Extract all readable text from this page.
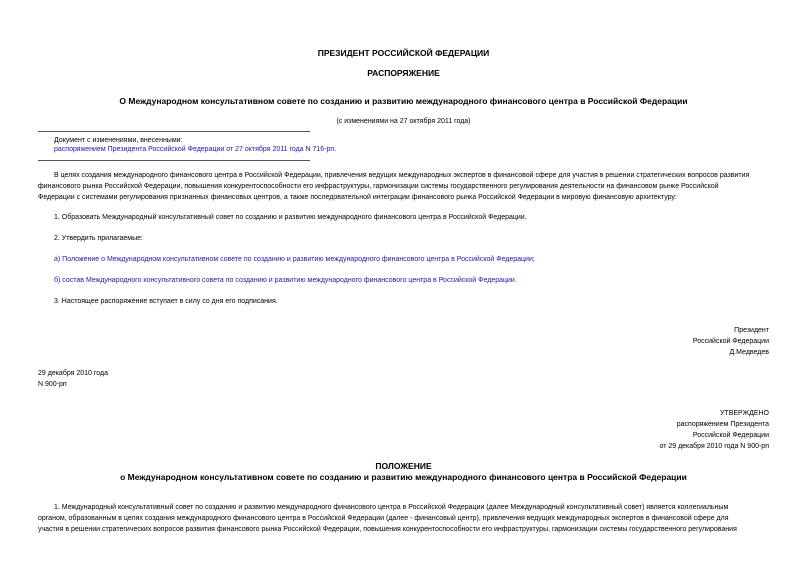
ПРЕЗИДЕНТ РОССИЙСКОЙ ФЕДЕРАЦИИ
РАСПОРЯЖЕНИЕ
О Международном консультативном совете по созданию и развитию международного финансового центра в Российской Федерации
(с изменениями на 27 октября 2011 года)
Документ с изменениями, внесенными:
распоряжением Президента Российской Федерации от 27 октября 2011 года N 716-рп.
В целях создания международного финансового центра в Российской Федерации, привлечения ведущих международных экспертов в финансовой сфере для участия в решении стратегических вопросов развития
финансового рынка Российской Федерации, повышения конкурентоспособности его инфраструктуры, гармонизации системы государственного регулирования деятельности на финансовом рынке Российской
Федерации с системами регулирования признанных финансовых центров, а также последовательной интеграции финансового рынка Российской Федерации в мировую финансовую архитектуру:
1. Образовать Международный консультативный совет по созданию и развитию международного финансового центра в Российской Федерации.
2. Утвердить прилагаемые:
а) Положение о Международном консультативном совете по созданию и развитию международного финансового центра в Российской Федерации;
б) состав Международного консультативного совета по созданию и развитию международного финансового центра в Российской Федерации.
3. Настоящее распоряжение вступает в силу со дня его подписания.
Президент
Российской Федерации
Д.Медведев
29 декабря 2010 года
N 900-рп
УТВЕРЖДЕНО
распоряжением Президента
Российской Федерации
от 29 декабря 2010 года N 900-рп
ПОЛОЖЕНИЕ
о Международном консультативном совете по созданию и развитию международного финансового центра в Российской Федерации
1. Международный консультативный совет по созданию и развитию международного финансового центра в Российской Федерации (далее Международный консультативный совет) является коллегиальным
органом, образованным в целях создания международного финансового центра в Российской Федерации (далее - финансовый центр), привлечения ведущих международных экспертов в финансовой сфере для
участия в решении стратегических вопросов развития финансового рынка Российской Федерации, повышения конкурентоспособности его инфраструктуры, гармонизации системы государственного регулирования
